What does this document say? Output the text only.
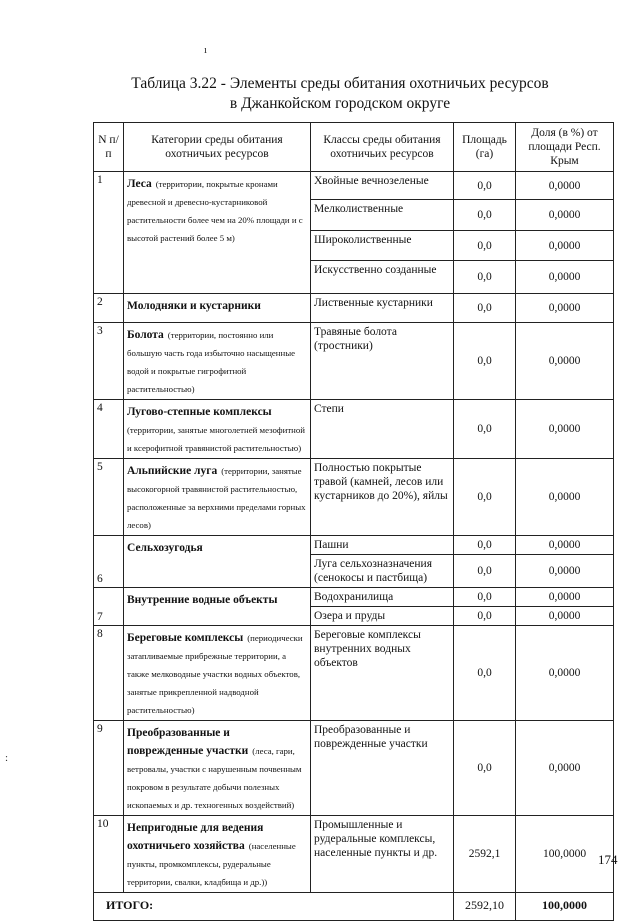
ı
:
Таблица 3.22 - Элементы среды обитания охотничьих ресурсов
в Джанкойском городском округе
N п/п	Категории среды обитания охотничьих ресурсов	Классы среды обитания охотничьих ресурсов	Площадь (га)	Доля (в %) от площади Респ. Крым
1	Леса (территории, покрытые кронами древесной и древесно-кустарниковой растительности более чем на 20% площади и с высотой растений более 5 м)	Хвойные вечнозеленые	0,0	0,0000
		Мелколиственные	0,0	0,0000
		Широколиственные	0,0	0,0000
		Искусственно созданные	0,0	0,0000
2	Молодняки и кустарники	Лиственные кустарники	0,0	0,0000
3	Болота (территории, постоянно или большую часть года избыточно насыщенные водой и покрытые гигрофитной растительностью)	Травяные болота (тростники)	0,0	0,0000
4	Лугово-степные комплексы (территории, занятые многолетней мезофитной и ксерофитной травянистой растительностью)	Степи	0,0	0,0000
5	Альпийские луга (территории, занятые высокогорной травянистой растительностью, расположенные за верхними пределами горных лесов)	Полностью покрытые травой (камней, лесов или кустарников до 20%), яйлы	0,0	0,0000
6	Сельхозугодья	Пашни	0,0	0,0000
		Луга сельхозназначения (сенокосы и пастбища)	0,0	0,0000
7	Внутренние водные объекты	Водохранилища	0,0	0,0000
		Озера и пруды	0,0	0,0000
8	Береговые комплексы (периодически затапливаемые прибрежные территории, а также мелководные участки водных объектов, занятые прикрепленной надводной растительностью)	Береговые комплексы внутренних водных объектов	0,0	0,0000
9	Преобразованные и поврежденные участки (леса, гари, ветровалы, участки с нарушенным почвенным покровом в результате добычи полезных ископаемых и др. техногенных воздействий)	Преобразованные и поврежденные участки	0,0	0,0000
10	Непригодные для ведения охотничьего хозяйства (населенные пункты, промкомплексы, рудеральные территории, свалки, кладбища и др.))	Промышленные и рудеральные комплексы, населенные пункты и др.	2592,1	100,0000
ИТОГО:			2592,10	100,0000
174
